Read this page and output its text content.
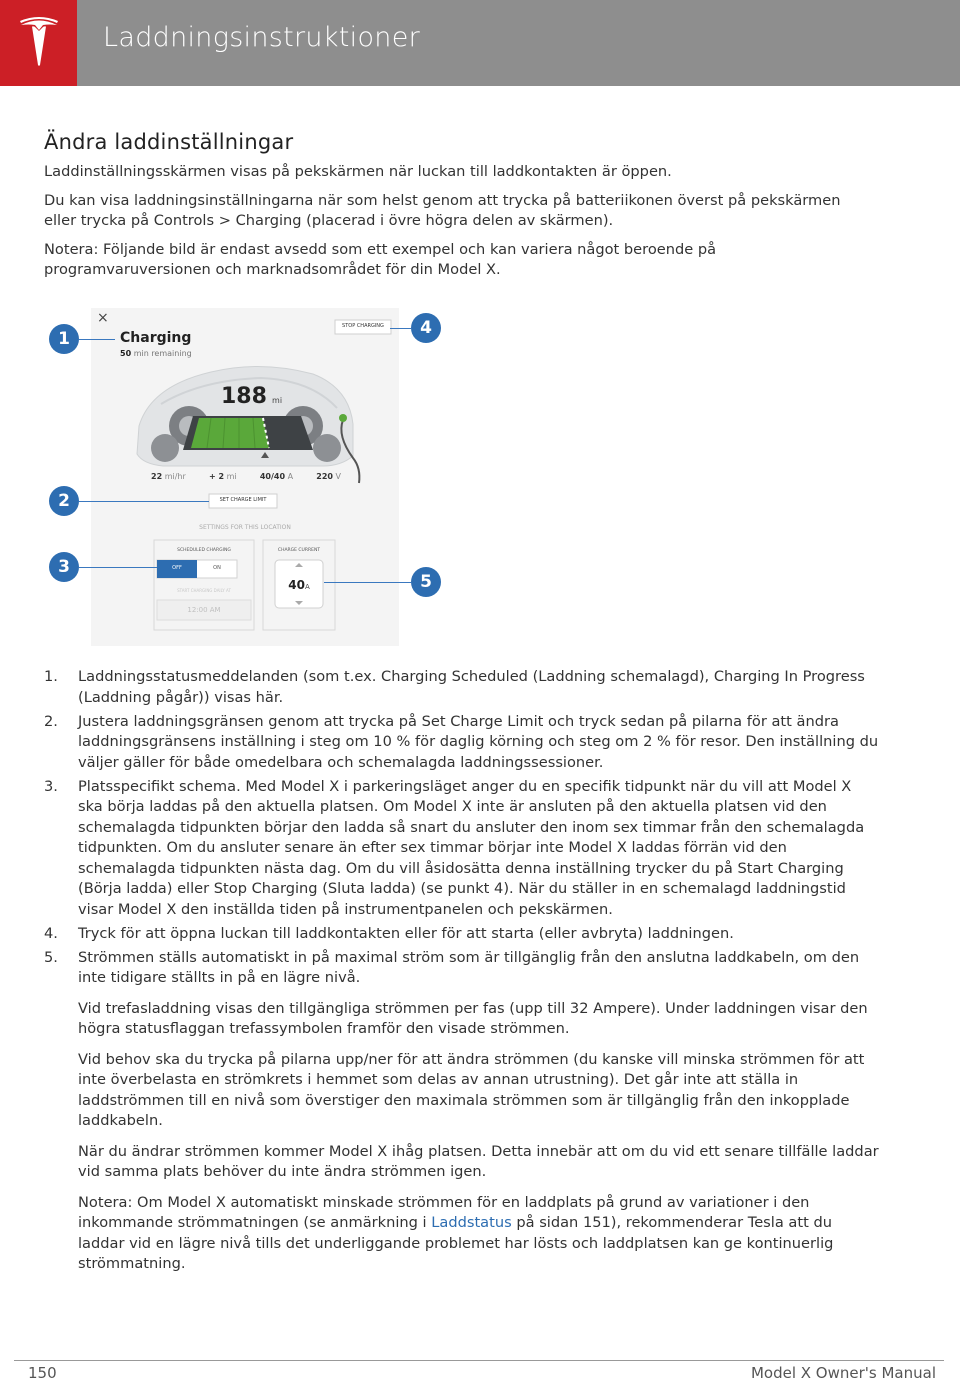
Laddningsinstruktioner
Ändra laddinställningar

Laddinställningsskärmen visas på pekskärmen när luckan till laddkontakten är öppen.

Du kan visa laddningsinställningarna när som helst genom att trycka på batteriikonen överst på pekskärmen eller trycka på Controls > Charging (placerad i övre högra delen av skärmen).

Notera: Följande bild är endast avsedd som ett exempel och kan variera något beroende på programvaruversionen och marknadsområdet för din Model X.

×
Charging
50 min remaining
STOP CHARGING
188 mi
22 mi/hr	+ 2 mi	40/40 A	220 V
SET CHARGE LIMIT
SETTINGS FOR THIS LOCATION
SCHEDULED CHARGING
OFF	ON
START CHARGING DAILY AT
12:00 AM
CHARGE CURRENT
40A
1
4
2
3
5
1. Laddningsstatusmeddelanden (som t.ex. Charging Scheduled (Laddning schemalagd), Charging In Progress (Laddning pågår)) visas här.
2. Justera laddningsgränsen genom att trycka på Set Charge Limit och tryck sedan på pilarna för att ändra laddningsgränsens inställning i steg om 10 % för daglig körning och steg om 2 % för resor. Den inställning du väljer gäller för både omedelbara och schemalagda laddningssessioner.
3. Platsspecifikt schema. Med Model X i parkeringsläget anger du en specifik tidpunkt när du vill att Model X ska börja laddas på den aktuella platsen. Om Model X inte är ansluten på den aktuella platsen vid den schemalagda tidpunkten börjar den ladda så snart du ansluter den inom sex timmar från den schemalagda tidpunkten. Om du ansluter senare än efter sex timmar börjar inte Model X laddas förrän vid den schemalagda tidpunkten nästa dag. Om du vill åsidosätta denna inställning trycker du på Start Charging (Börja ladda) eller Stop Charging (Sluta ladda) (se punkt 4). När du ställer in en schemalagd laddningstid visar Model X den inställda tiden på instrumentpanelen och pekskärmen.
4. Tryck för att öppna luckan till laddkontakten eller för att starta (eller avbryta) laddningen.
5. Strömmen ställs automatiskt in på maximal ström som är tillgänglig från den anslutna laddkabeln, om den inte tidigare ställts in på en lägre nivå.

Vid trefasladdning visas den tillgängliga strömmen per fas (upp till 32 Ampere). Under laddningen visar den högra statusflaggan trefassymbolen framför den visade strömmen.

Vid behov ska du trycka på pilarna upp/ner för att ändra strömmen (du kanske vill minska strömmen för att inte överbelasta en strömkrets i hemmet som delas av annan utrustning). Det går inte att ställa in laddströmmen till en nivå som överstiger den maximala strömmen som är tillgänglig från den inkopplade laddkabeln.

När du ändrar strömmen kommer Model X ihåg platsen. Detta innebär att om du vid ett senare tillfälle laddar vid samma plats behöver du inte ändra strömmen igen.

Notera: Om Model X automatiskt minskade strömmen för en laddplats på grund av variationer i den inkommande strömmatningen (se anmärkning i Laddstatus på sidan 151), rekommenderar Tesla att du laddar vid en lägre nivå tills det underliggande problemet har lösts och laddplatsen kan ge kontinuerlig strömmatning.

150	Model X Owner's Manual
